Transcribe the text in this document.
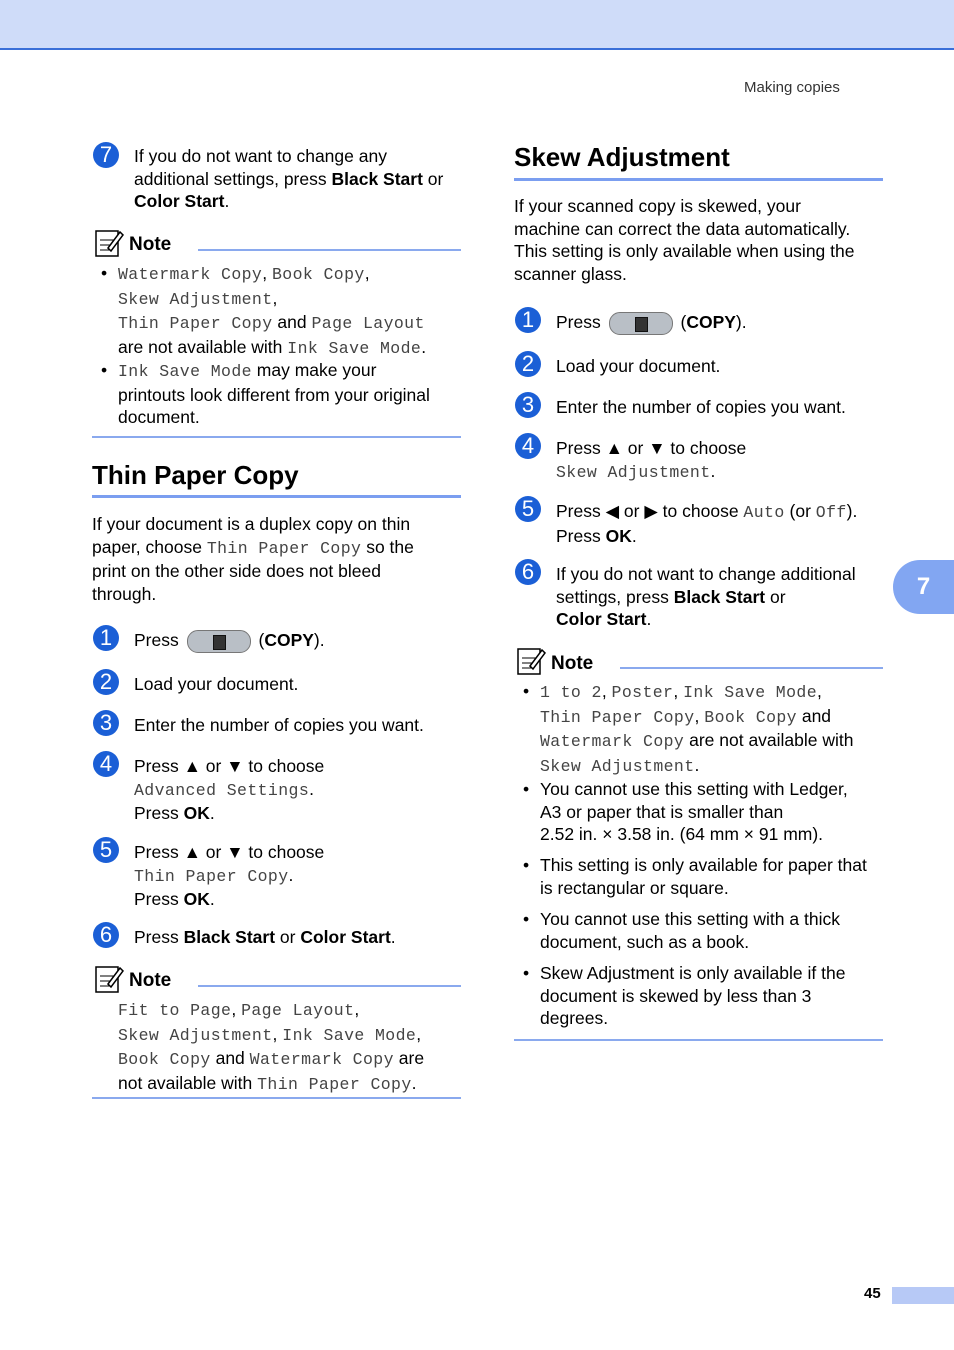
Making copies
7	If you do not want to change any
additional settings, press Black Start or
Color Start.
Note
• Watermark Copy, Book Copy,
Skew Adjustment,
Thin Paper Copy and Page Layout
are not available with Ink Save Mode.
• Ink Save Mode may make your
printouts look different from your original
document.
Thin Paper Copy
If your document is a duplex copy on thin
paper, choose Thin Paper Copy so the
print on the other side does not bleed
through.
1	Press	(COPY).
2	Load your document.
3	Enter the number of copies you want.
4	Press ▲ or ▼ to choose
Advanced Settings.
Press OK.
5	Press ▲ or ▼ to choose
Thin Paper Copy.
Press OK.
6	Press Black Start or Color Start.
Note
Fit to Page, Page Layout,
Skew Adjustment, Ink Save Mode,
Book Copy and Watermark Copy are
not available with Thin Paper Copy.
Skew Adjustment
If your scanned copy is skewed, your
machine can correct the data automatically.
This setting is only available when using the
scanner glass.
1	Press	(COPY).
2	Load your document.
3	Enter the number of copies you want.
4	Press ▲ or ▼ to choose
Skew Adjustment.
5	Press ◀ or ▶ to choose Auto (or Off).
Press OK.
6	If you do not want to change additional
settings, press Black Start or
Color Start.
Note
• 1 to 2, Poster, Ink Save Mode,
Thin Paper Copy, Book Copy and
Watermark Copy are not available with
Skew Adjustment.
• You cannot use this setting with Ledger,
A3 or paper that is smaller than
2.52 in. × 3.58 in. (64 mm × 91 mm).
• This setting is only available for paper that
is rectangular or square.
• You cannot use this setting with a thick
document, such as a book.
• Skew Adjustment is only available if the
document is skewed by less than 3
degrees.
7
45
